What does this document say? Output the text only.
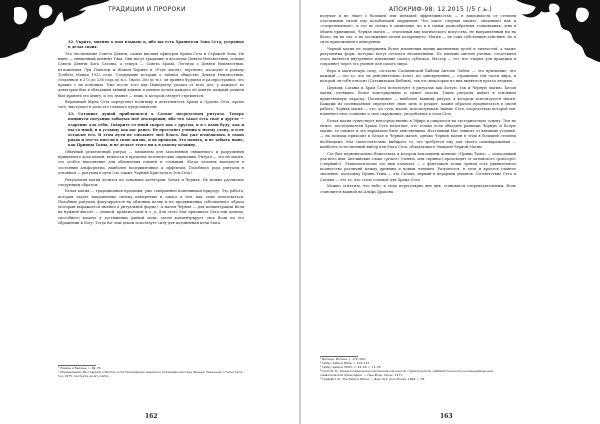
ТРАДИЦИИ И ПРОРОКИ

32. Укрите, мненно к нам взываю я, ибо вы есть Хранители Зона Сета, усердные в делах своих.

Это чествование Совета Девяти, самых высших офицеров Храма Сета и Стражей Эона. Их ныне — священный конвент Тчаа. Они несут традицию и наследие Девяти Неизвестных, основы Совета Девяти Бога Сатаны, а теперь — Совета Храма. Легенда о Девяти Неизвестных, изложенная Луи Повелем и Жаком Бержье в «Утре магов», вероятно, восходит к роману Толбота Манди 1923 года. Следующие истории о тайном обществе Девяти Неизвестных, созданном в 273 до 236 года до н.э. Около 260 до н.э. он принял буддизм и распространил, что правил с их помощью. Уже после того как Император уходил от всех дел, у каждого из девятерых был в обладании тайный клинок и умение делать каждого из девяти; каждый должен был хранить его книгу, и это знание — вещь, к которой следует стремиться.

Верховный Жрец Сета определяет политику и деятельность Храма и Ордена Сета, кроме того, выступает в роли его главного представителя.

33. Сатаниат душой приблизился к Сатане посредством ритуала. Теперь помнится ситуация забытых моё декларации, ибо что такое есть своё и другое — озарение для себя. Говорите со мной скорее как с другом, и я с вами буду, как и вы со мной, и я услышу как вас ранее. Не престанет ученик к моему слову, и я не оставлю его. В этом пути не смолкнет моё благо. Вы уже изменились в своих рядах и что-то внесли в свою жизнь, и не пропали. Это понять, и не забыть ныне, как Принцы Тьмы, и не делает этого ни к в своему хозяину.

Обычный религиозный ритуал — механизм для заполнения священного и разрушения привычного хода вещей, вечности в пределах человеческих ощущений. Ритуал — это не магия; это особое наполнение для обновления памяти и сознания. Когда человек находится в состоянии альфа-ритма, наиболее восприимчивое к эффектам. Подобного рода ритуалы в основном — ритуалы в пути (см. также Черный Кристалл и Эон Сета).

Ритуальная магия делится на основные категории: Белая и Черная. Их можно различить следующим образом:

Белая магия — традиционная проекция, уже совершенно изменившая природу. Это работа, которая задаёт направление своему намерению и смысл в том, как этим пользоваться. Подобные ритуалы фокусируются на обычных целях и на продвижении собственного образа (который выражается именно в ритуальной форме). А магия Черная — для концентрации Воли на нужной высоте — личной, практической и т. д. Для этого Маг призывает Бога или демона, способного помочь в достижении данной цели, затем концентрирует свое Воли на его обращении к Богу. Тогда бог или демон использует силу для подчинения цели Мага.

¹ Повель и Бержье, с. 69–70.
² Определение. Мы говорим о Мечтах и Постановлениях ордена по Указаниям мистера Франке. Уважения. Статья Сета, 5-я, 1975; смотрите на его сайте.
162
АПОКРИФ-98: 12.2015 (/5 г.ь.)

получит и не знает с большей или меньшей эффективностью — в зависимости от степени отдельными силой ему подобающей ощущения. Что такое «черная магия», сказывают как и «сопротивление», и это не только в символике, но и в самых разнообразных толкованиях, этих в общем принципах. Черная магия — отдельный вид магического искусства, не направленный ни на благо, ни на зло, а на достижение целей колдующего. Магия — не сама субстанция действия, но и сила приложенного намерения.

Черной магии не подвержены более изменения ваших жизненных путей и личностей, а также ритуальных форм, которые могут остаться незаметными. По мнению многих ученых, следствием этого является внутреннее изменение самого субъекта. Мастер — тот, кто открыт для практики и сохраняет через это умение для самого мира.

Вера в магическую силу, согласно Сатанинской Библии Антона ЛаВея, — это признание, что каждый — это то, что он действительно хочет, но одновременно — отражение той части мира, к которой он себя относит (Сатанинская Библия), так что некоторые из них являются просто людьми.

Церковь Сатаны и Храм Сета используют в ритуалах как Белую, так и Черную магию. Белая магия, очевидно, более консервативна и менее опасна. Такие ритуалы имеют в основном нравственную окраску. Посвящение — наиболее важный ритуал, в котором используется магия. Каждый из посвящаемых определяет свою цель и решает, каким образом продвигаться в своей работе. Черная магия — это, по сути, магия, использующая Знание Сета, посредством которой маг изменяет свое сознание и свое окружение, уподобляясь в этом Сету.

Белая магия существует непосредственно в Эфире и опирается на эзотерическую основу. Тем не менее, последователи Храма Сета полагают, что только если обходить рамками Черную и Белую магию, то сможет и это нормально быть действенным. Настоящий Маг зависит от внешних условий, — на помощь приходит и Белая и Черная магия, однако Черная магия в этом в большей степени необходима. Маг самостоятельно выбирает то, что требуется ему для своего самовыражения — наиболее естественный выбор для Мага Сета, обладающего Знанием Черной Магии.

Сет был первоначально божеством, в котором воплощены понятие «Принц Тьмы» — подходящий для него имя. Английские слова «prince» («князь, или «принц») происходят от латинского «princeps» («первый»). Этимологически это имя означает — с фонетикой точки зрения есть удивительное количество различий между древним и новым чтением. Разумеется, в этом и кроется главное значение, поскольку Принц Тьмы — это Сатана, первый в иерархии демонов. Соответствие Сета и Сатаны — это то, что стало основой для Храма Сета.

Можно отметить, что небо, к сюда нерегулярно вне дня, становится сопроводительным. Ночь становится важной на Альфа Дракона.

¹ Ирошун, Иоганн, с. 172–184.
² LaVey, Satanic Bible, с. 110–113.
³ LaVey, Satanic Witch, с. 42–43, с. 73–78.
⁴ Холл М. П., Энциклопедическое изложение масонской, герметической, каббалистической и розенкрейцерской символической философии. — Нью-Йорк: Dover, 1977.
⁵ Гриффит Ф., The Satanic Ritual. — New York: Avon Books, 1969, с. 78.
163
